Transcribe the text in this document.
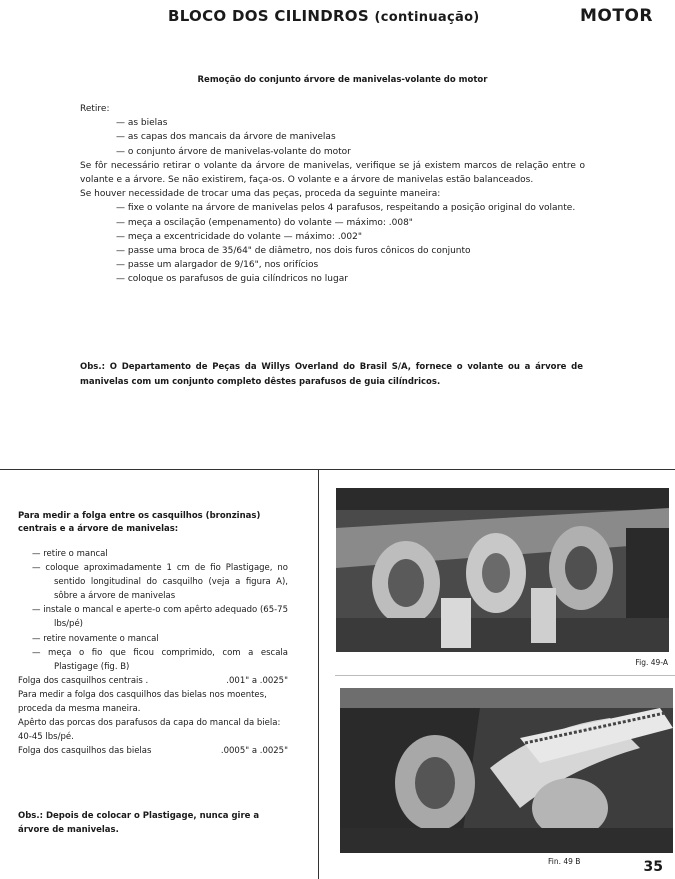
BLOCO DOS CILINDROS (continuação)	MOTOR
Remoção do conjunto árvore de manivelas-volante do motor

Retire:

— as bielas

— as capas dos mancais da árvore de manivelas

— o conjunto árvore de manivelas-volante do motor

Se fôr necessário retirar o volante da árvore de manivelas, verifique se já existem marcos de relação entre o volante e a árvore. Se não existirem, faça-os. O volante e a árvore de manivelas estão balanceados.

Se houver necessidade de trocar uma das peças, proceda da seguinte maneira:

— fixe o volante na árvore de manivelas pelos 4 parafusos, respeitando a posição original do volante.

— meça a oscilação (empenamento) do volante — máximo: .008"

— meça a excentricidade do volante — máximo: .002"

— passe uma broca de 35/64" de diâmetro, nos dois furos cônicos do conjunto

— passe um alargador de 9/16", nos orifícios

— coloque os parafusos de guia cilíndricos no lugar

Obs.: O Departamento de Peças da Willys Overland do Brasil S/A, fornece o volante ou a árvore de manivelas com um conjunto completo dêstes parafusos de guia cilíndricos.

Para medir a folga entre os casquilhos (bronzinas) centrais e a árvore de manivelas:

— retire o mancal

— coloque aproximadamente 1 cm de fio Plastigage, no sentido longitudinal do casquilho (veja a figura A), sôbre a árvore de manivelas

— instale o mancal e aperte-o com apêrto adequado (65-75 lbs/pé)

— retire novamente o mancal

— meça o fio que ficou comprimido, com a escala Plastigage (fig. B)

Folga dos casquilhos centrais .	.001" a .0025"

Para medir a folga dos casquilhos das bielas nos moentes, proceda da mesma maneira.

Apêrto das porcas dos parafusos da capa do mancal da biela: 40-45 lbs/pé.

Folga dos casquilhos das bielas	.0005" a .0025"

Obs.: Depois de colocar o Plastigage, nunca gire a árvore de manivelas.
Fig. 49-A
Fin. 49 B	35
